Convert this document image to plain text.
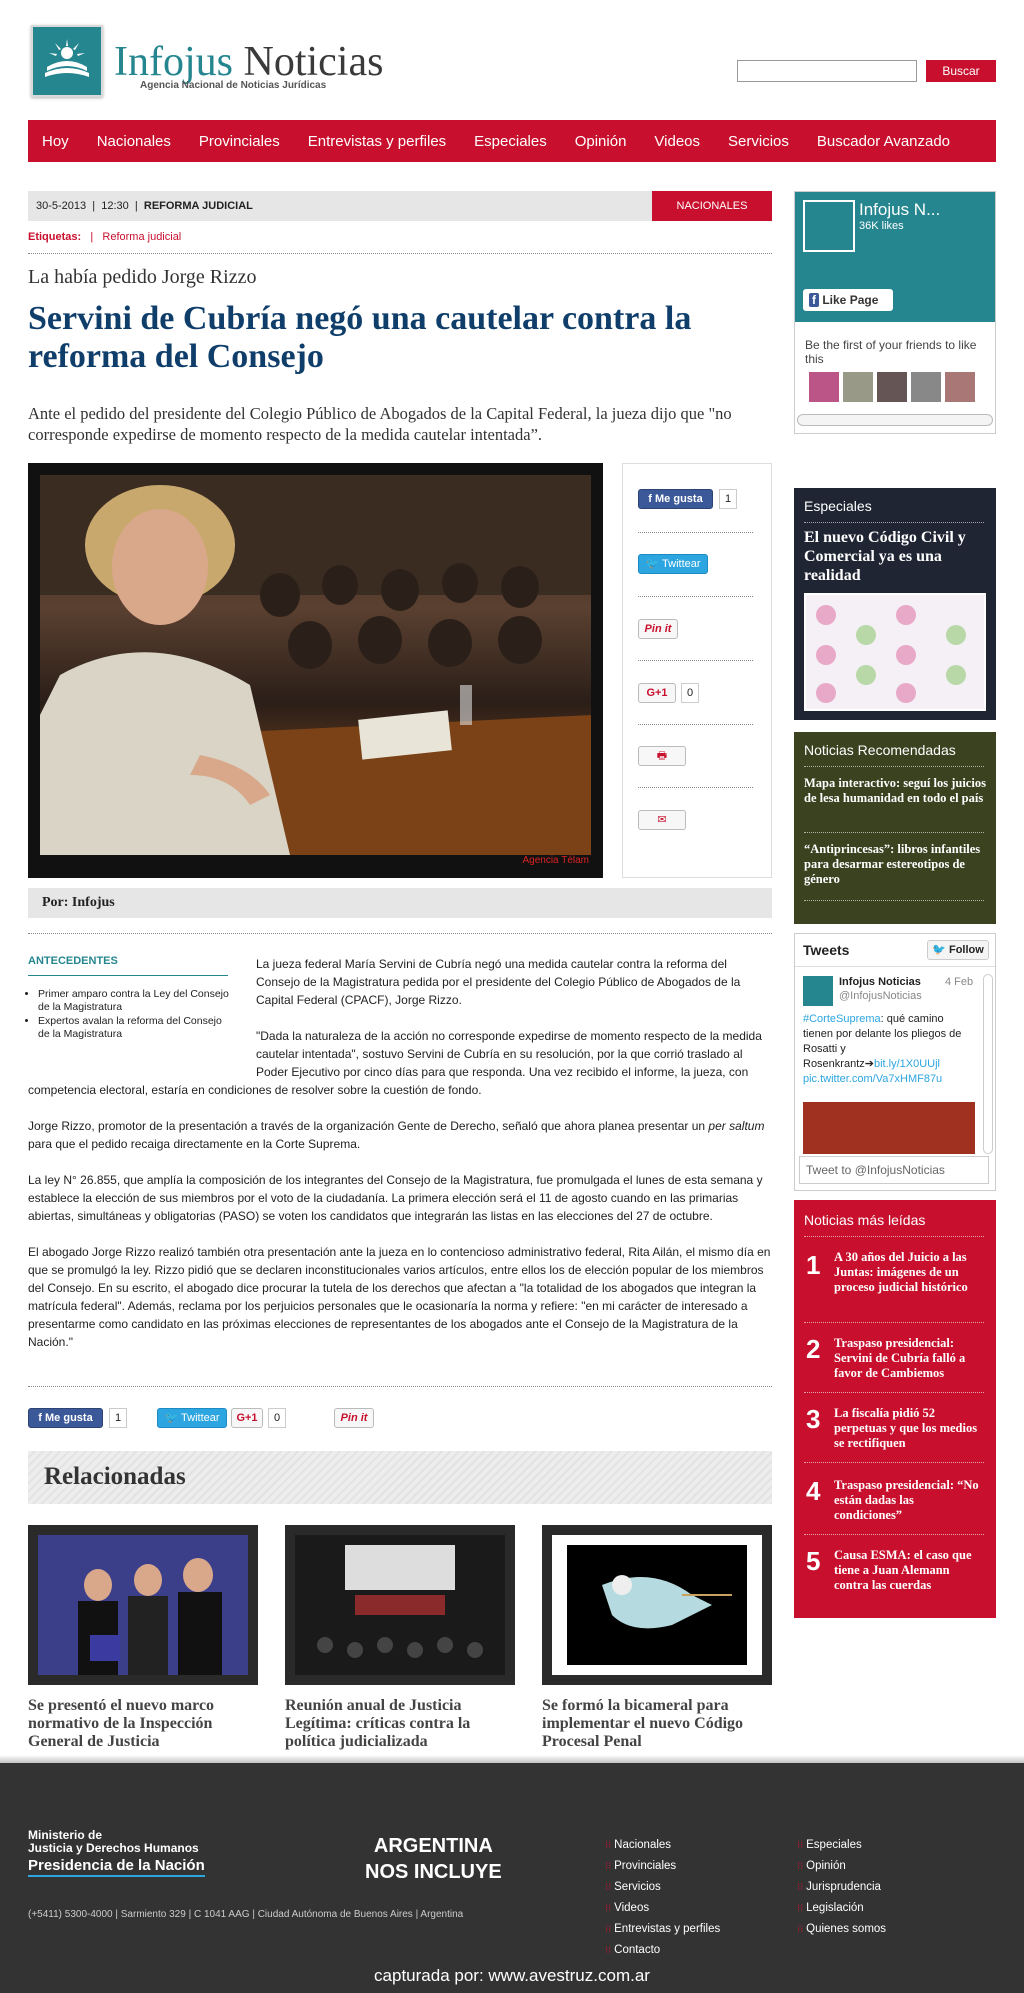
Infojus Noticias
Agencia Nacional de Noticias Jurídicas
Buscar
Hoy Nacionales Provinciales Entrevistas y perfiles Especiales Opinión Videos Servicios Buscador Avanzado
30-5-2013  |  12:30  |  REFORMA JUDICIAL	NACIONALES
Etiquetas:   |   Reforma judicial
La había pedido Jorge Rizzo
Servini de Cubría negó una cautelar contra la reforma del Consejo
Ante el pedido del presidente del Colegio Público de Abogados de la Capital Federal, la jueza dijo que "no corresponde expedirse de momento respecto de la medida cautelar intentada”.
Agencia Télam
f Me gusta	1
🐦 Twittear
Pin it
G+1	0
🖶
✉
Por: Infojus
ANTECEDENTES
• Primer amparo contra la Ley del Consejo de la Magistratura
• Expertos avalan la reforma del Consejo de la Magistratura

La jueza federal María Servini de Cubría negó una medida cautelar contra la reforma del Consejo de la Magistratura pedida por el presidente del Colegio Público de Abogados de la Capital Federal (CPACF), Jorge Rizzo.

"Dada la naturaleza de la acción no corresponde expedirse de momento respecto de la medida cautelar intentada", sostuvo Servini de Cubría en su resolución, por la que corrió traslado al Poder Ejecutivo por cinco días para que responda. Una vez recibido el informe, la jueza, con competencia electoral, estaría en condiciones de resolver sobre la cuestión de fondo.

Jorge Rizzo, promotor de la presentación a través de la organización Gente de Derecho, señaló que ahora planea presentar un per saltum para que el pedido recaiga directamente en la Corte Suprema.

La ley N° 26.855, que amplía la composición de los integrantes del Consejo de la Magistratura, fue promulgada el lunes de esta semana y establece la elección de sus miembros por el voto de la ciudadanía. La primera elección será el 11 de agosto cuando en las primarias abiertas, simultáneas y obligatorias (PASO) se voten los candidatos que integrarán las listas en las elecciones del 27 de octubre.

El abogado Jorge Rizzo realizó también otra presentación ante la jueza en lo contencioso administrativo federal, Rita Ailán, el mismo día en que se promulgó la ley. Rizzo pidió que se declaren inconstitucionales varios artículos, entre ellos los de elección popular de los miembros del Consejo. En su escrito, el abogado dice procurar la tutela de los derechos que afectan a "la totalidad de los abogados que integran la matrícula federal". Además, reclama por los perjuicios personales que le ocasionaría la norma y refiere: "en mi carácter de interesado a presentarme como candidato en las próximas elecciones de representantes de los abogados ante el Consejo de la Magistratura de la Nación."

f Me gusta	1	🐦 Twittear	G+1	0	Pin it
Relacionadas
Se presentó el nuevo marco normativo de la Inspección General de Justicia
Reunión anual de Justicia Legítima: críticas contra la política judicializada
Se formó la bicameral para implementar el nuevo Código Procesal Penal
Infojus N...
36K likes
f Like Page
Be the first of your friends to like this
Especiales
El nuevo Código Civil y Comercial ya es una realidad
Noticias Recomendadas
Mapa interactivo: seguí los juicios de lesa humanidad en todo el país
“Antiprincesas”: libros infantiles para desarmar estereotipos de género
Tweets	🐦 Follow
Infojus Noticias 4 Feb
@InfojusNoticias
#CorteSuprema: qué camino tienen por delante los pliegos de Rosatti y Rosenkrantz➔bit.ly/1X0UUjl
pic.twitter.com/Va7xHMF87u
Tweet to @InfojusNoticias
Noticias más leídas
1 A 30 años del Juicio a las Juntas: imágenes de un proceso judicial histórico
2 Traspaso presidencial: Servini de Cubría falló a favor de Cambiemos
3 La fiscalía pidió 52 perpetuas y que los medios se rectifiquen
4 Traspaso presidencial: “No están dadas las condiciones”
5 Causa ESMA: el caso que tiene a Juan Alemann contra las cuerdas
Ministerio de
Justicia y Derechos Humanos
Presidencia de la Nación
ARGENTINA
NOS INCLUYE
(+5411) 5300-4000 | Sarmiento 329 | C 1041 AAG | Ciudad Autónoma de Buenos Aires | Argentina
⁝⁝ Nacionales
⁝⁝ Provinciales
⁝⁝ Servicios
⁝⁝ Videos
⁝⁝ Entrevistas y perfiles
⁝⁝ Contacto
⁝⁝ Especiales
⁝⁝ Opinión
⁝⁝ Jurisprudencia
⁝⁝ Legislación
⁝⁝ Quienes somos
capturada por: www.avestruz.com.ar
